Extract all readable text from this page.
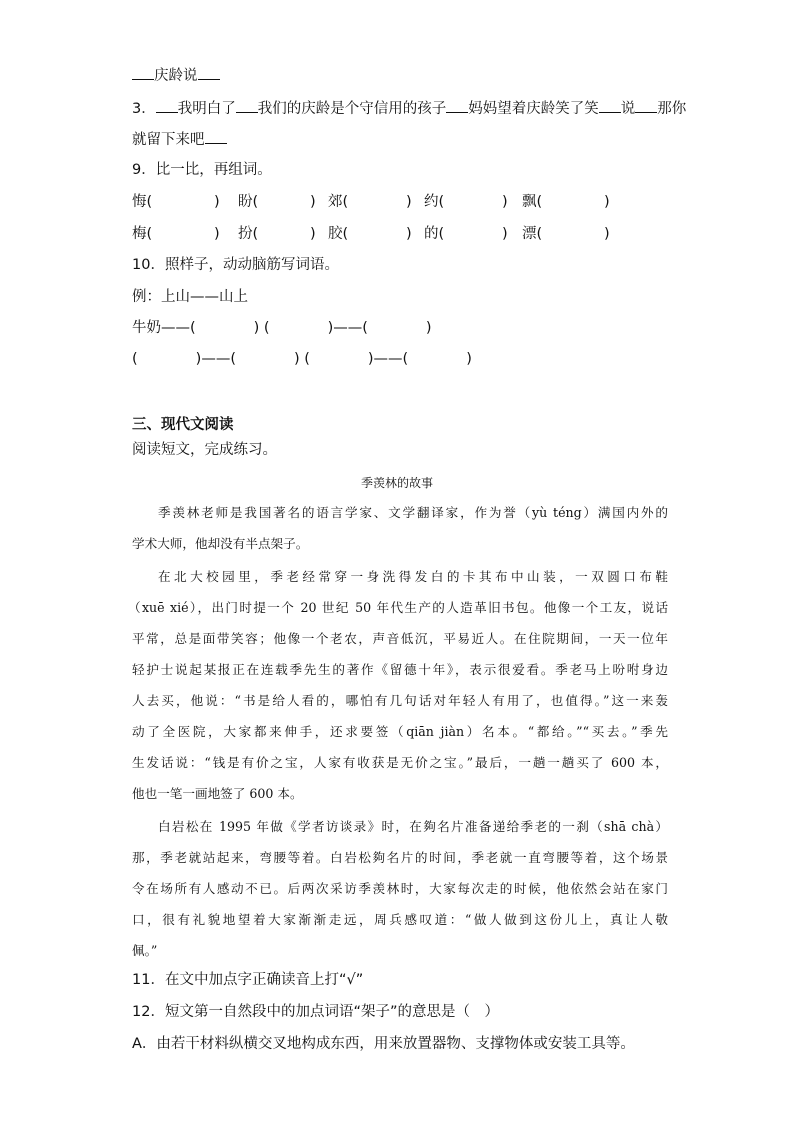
庆龄说
3． 我明白了 我们的庆龄是个守信用的孩子 妈妈望着庆龄笑了笑 说 那你
就留下来吧
9．比一比，再组词。
悔(	) 盼(	) 郊(	) 约(	) 飘(	)
梅(	) 扮(	) 胶(	) 的(	) 漂(	)
10．照样子，动动脑筋写词语。
例：上山——山上
牛奶——(　　　　) (　　　　)——(　　　　)
(　　　　)——(　　　　) (　　　　)——(　　　　)
三、现代文阅读
阅读短文，完成练习。
季羡林的故事
季羡林老师是我国著名的语言学家、文学翻译家，作为誉（yù téng）满国内外的
学术大师，他却没有半点架子。
在北大校园里，季老经常穿一身洗得发白的卡其布中山装，一双圆口布鞋
（xuē xié），出门时提一个 20 世纪 50 年代生产的人造革旧书包。他像一个工友，说话
平常，总是面带笑容；他像一个老农，声音低沉，平易近人。在住院期间，一天一位年
轻护士说起某报正在连载季先生的著作《留德十年》，表示很爱看。季老马上吩咐身边
人去买，他说：“书是给人看的，哪怕有几句话对年轻人有用了，也值得。”这一来轰
动了全医院，大家都来伸手，还求要签（qiān jiàn）名本。“都给。”“买去。”季先
生发话说：“钱是有价之宝，人家有收获是无价之宝。”最后，一趟一趟买了 600 本，
他也一笔一画地签了 600 本。
白岩松在 1995 年做《学者访谈录》时，在夠名片准备递给季老的一刹（shā chà）
那，季老就站起来，弯腰等着。白岩松夠名片的时间，季老就一直弯腰等着，这个场景
令在场所有人感动不已。后两次采访季羡林时，大家每次走的时候，他依然会站在家门
口，很有礼貌地望着大家渐渐走远，周兵感叹道：“做人做到这份儿上，真让人敬
佩。”
11．在文中加点字正确读音上打“√”
12．短文第一自然段中的加点词语“架子”的意思是（　）
A．由若干材料纵横交叉地构成东西，用来放置器物、支撑物体或安装工具等。
